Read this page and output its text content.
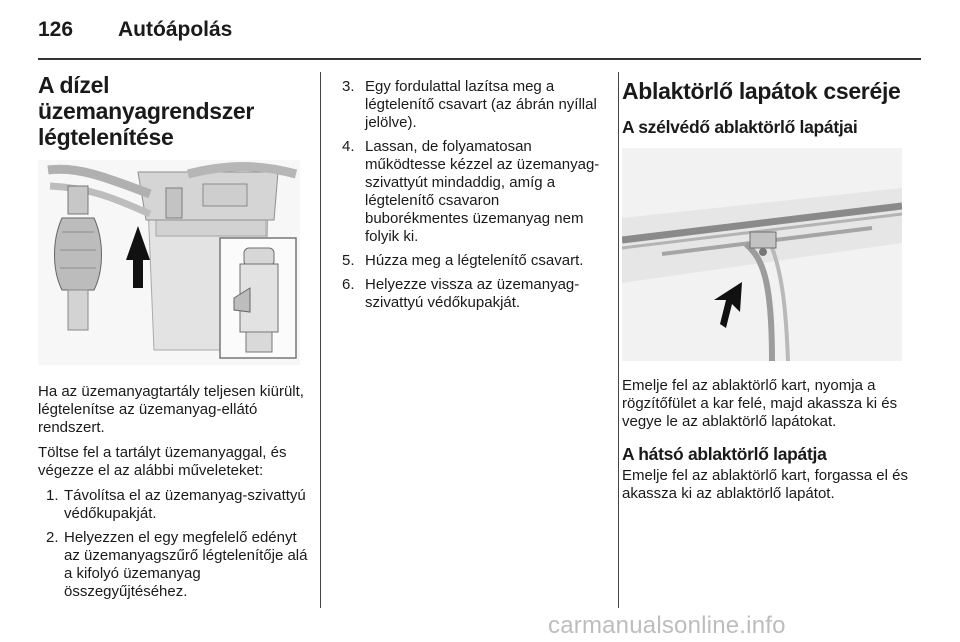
126 Autóápolás
A dízel üzemanyagrendszer légtelenítése

Ha az üzemanyagtartály teljesen kiürült, légtelenítse az üzemanyag-ellátó rendszert.

Töltse fel a tartályt üzemanyaggal, és végezze el az alábbi műveleteket:

1. Távolítsa el az üzemanyag-szivattyú védőkupakját.
2. Helyezzen el egy megfelelő edényt az üzemanyagszűrő légtelenítője alá a kifolyó üzemanyag összegyűjtéséhez.
3. Egy fordulattal lazítsa meg a légtelenítő csavart (az ábrán nyíllal jelölve).
4. Lassan, de folyamatosan működtesse kézzel az üzemanyag-szivattyút mindaddig, amíg a légtelenítő csavaron buborékmentes üzemanyag nem folyik ki.
5. Húzza meg a légtelenítő csavart.
6. Helyezze vissza az üzemanyag-szivattyú védőkupakját.
Ablaktörlő lapátok cseréje
A szélvédő ablaktörlő lapátjai

Emelje fel az ablaktörlő kart, nyomja a rögzítőfület a kar felé, majd akassza ki és vegye le az ablaktörlő lapátokat.

A hátsó ablaktörlő lapátja

Emelje fel az ablaktörlő kart, forgassa el és akassza ki az ablaktörlő lapátot.

carmanualsonline.info
